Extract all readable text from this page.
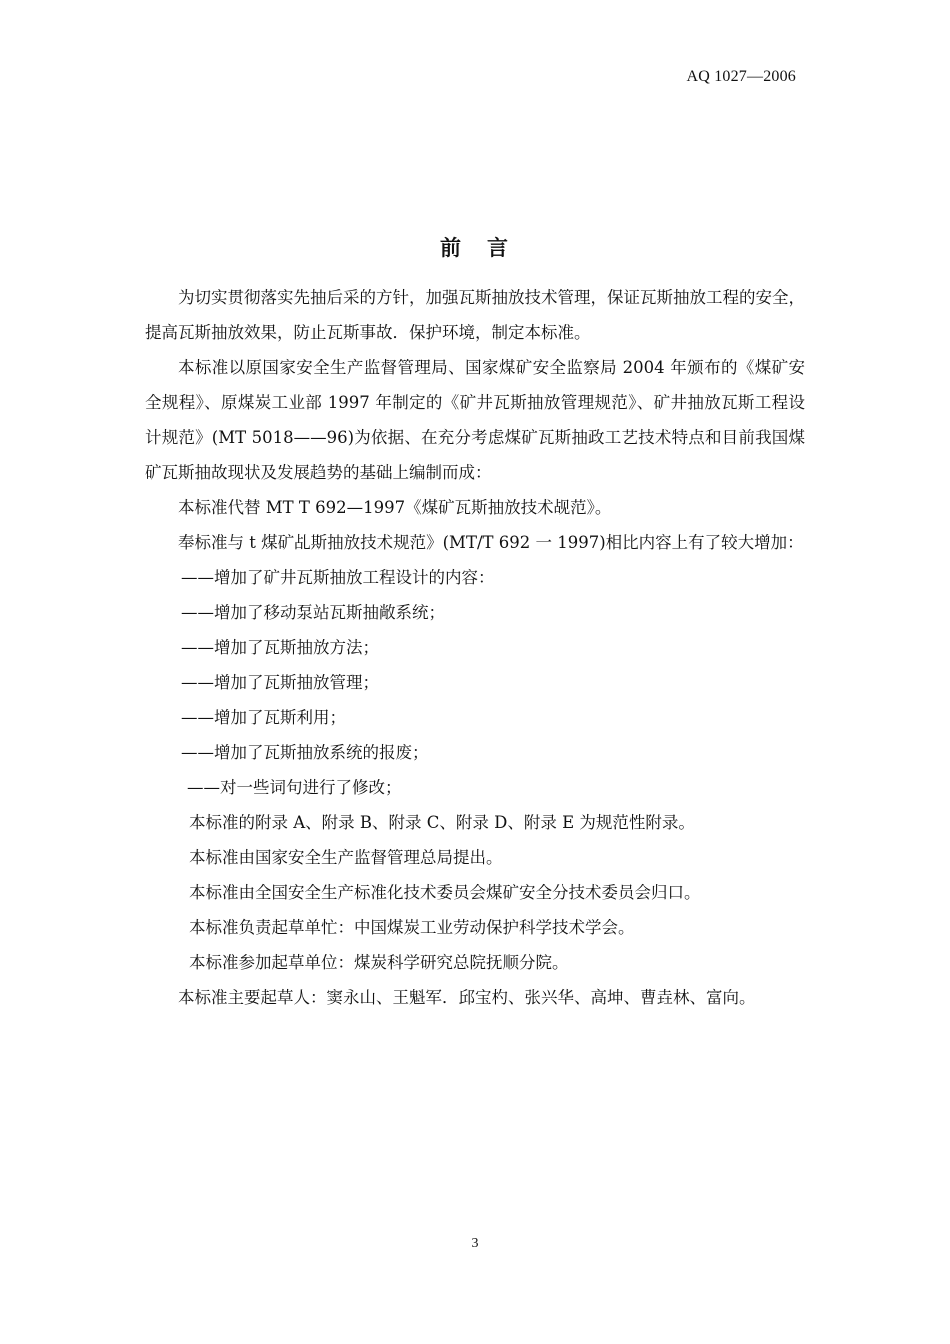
AQ 1027—2006
前言

为切实贯彻落实先抽后采的方针，加强瓦斯抽放技术管理，保证瓦斯抽放工程的安全，提高瓦斯抽放效果，防止瓦斯事故．保护环境，制定本标准。

本标准以原国家安全生产监督管理局、国家煤矿安全监察局 2004 年颁布的《煤矿安全规程》、原煤炭工业部 1997 年制定的《矿井瓦斯抽放管理规范》、矿井抽放瓦斯工程设计规范》(MT 5018——96)为依据、在充分考虑煤矿瓦斯抽政工艺技术特点和目前我国煤矿瓦斯抽故现状及发展趋势的基础上编制而成：

本标准代替 MT T 692—1997《煤矿瓦斯抽放技术觇范》。

奉标准与 t 煤矿乩斯抽放技术规范》(MT/T 692 一 1997)相比内容上有了较大增加：

——增加了矿井瓦斯抽放工程设计的内容：

——增加了移动泵站瓦斯抽敞系统；

——增加了瓦斯抽放方法；

——增加了瓦斯抽放管理；

——增加了瓦斯利用；

——增加了瓦斯抽放系统的报废；

——对一些词句进行了修改；

本标准的附录 A、附录 B、附录 C、附录 D、附录 E 为规范性附录。

本标准由国家安全生产监督管理总局提出。

本标准由全国安全生产标准化技术委员会煤矿安全分技术委员会归口。

本标准负责起草单忙：中国煤炭工业劳动保护科学技术学会。

本标准参加起草单位：煤炭科学研究总院抚顺分院。

本标准主要起草人：窦永山、王魁军．邱宝杓、张兴华、高坤、曹垚林、富向。

3
